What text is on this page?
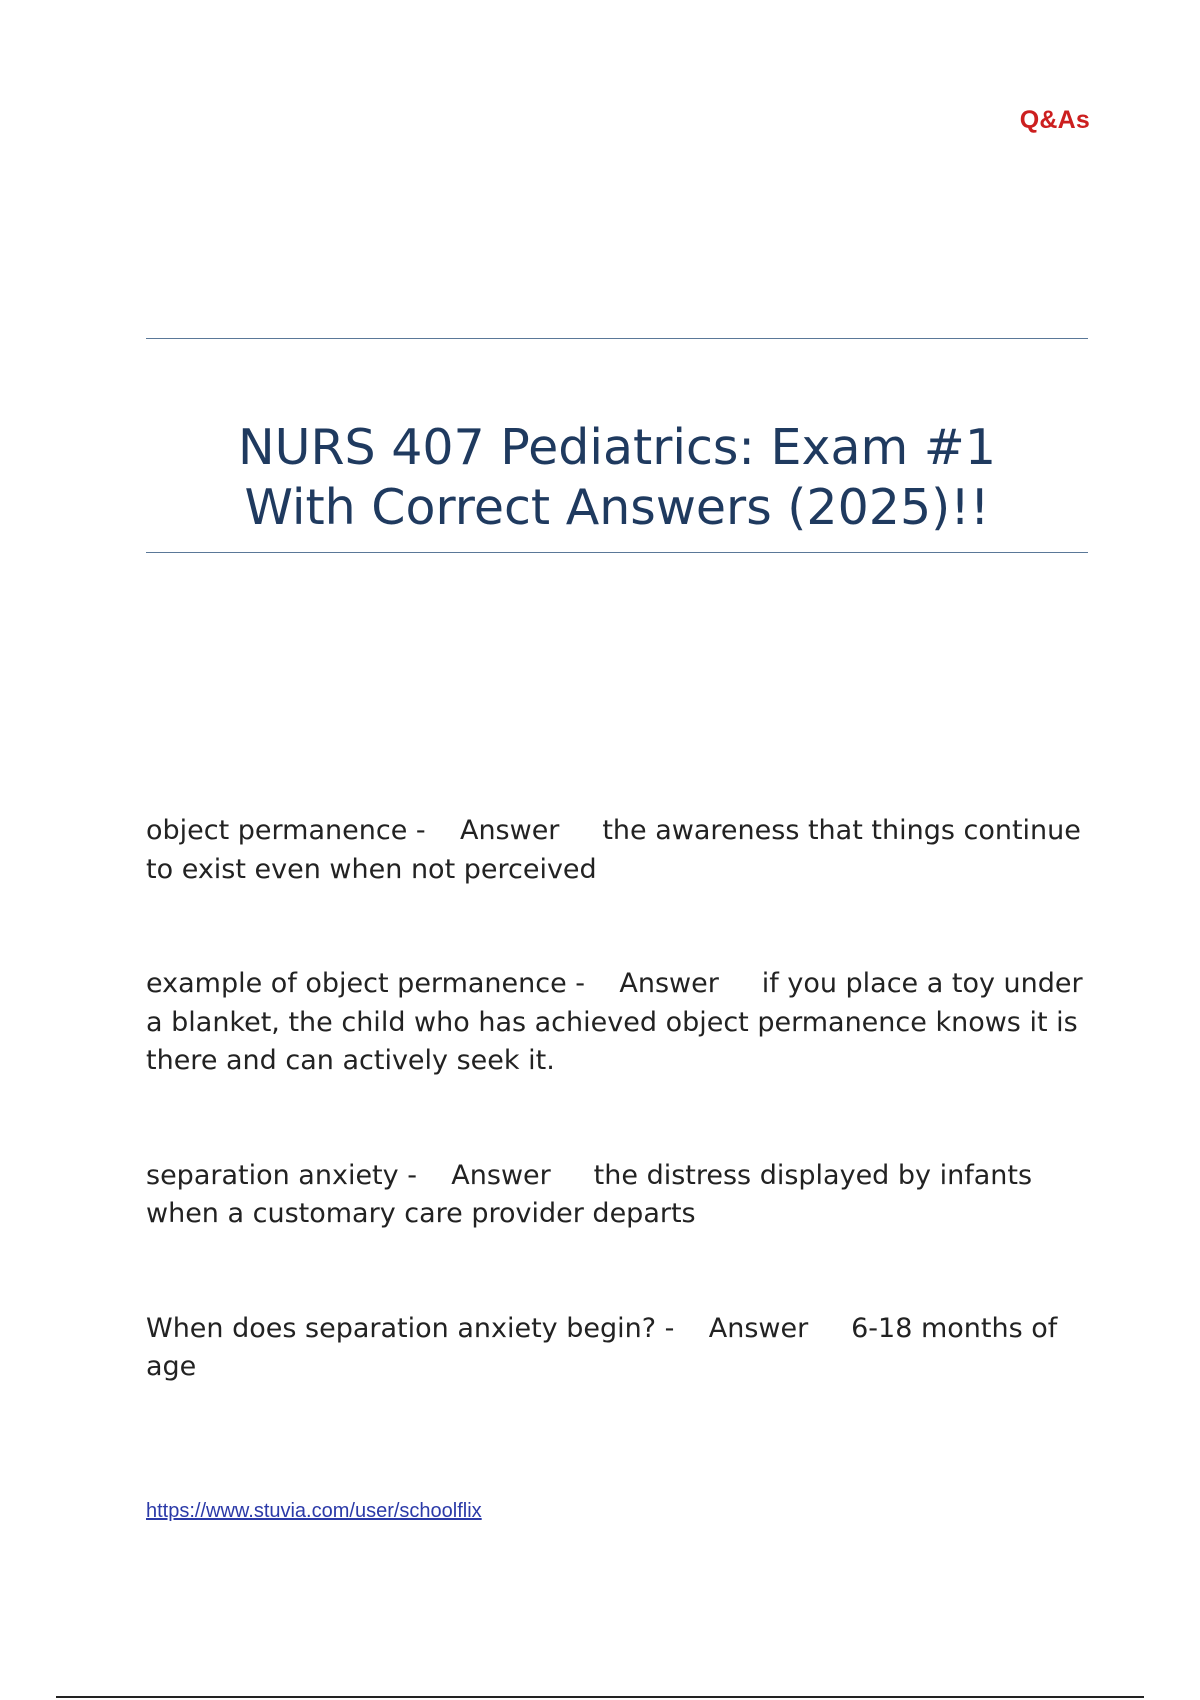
Q&As
NURS 407 Pediatrics: Exam #1
With Correct Answers (2025)!!
object permanence - Answer the awareness that things continue to exist even when not perceived
example of object permanence - Answer if you place a toy under a blanket, the child who has achieved object permanence knows it is there and can actively seek it.
separation anxiety - Answer the distress displayed by infants when a customary care provider departs
When does separation anxiety begin? - Answer 6-18 months of age
https://www.stuvia.com/user/schoolflix
